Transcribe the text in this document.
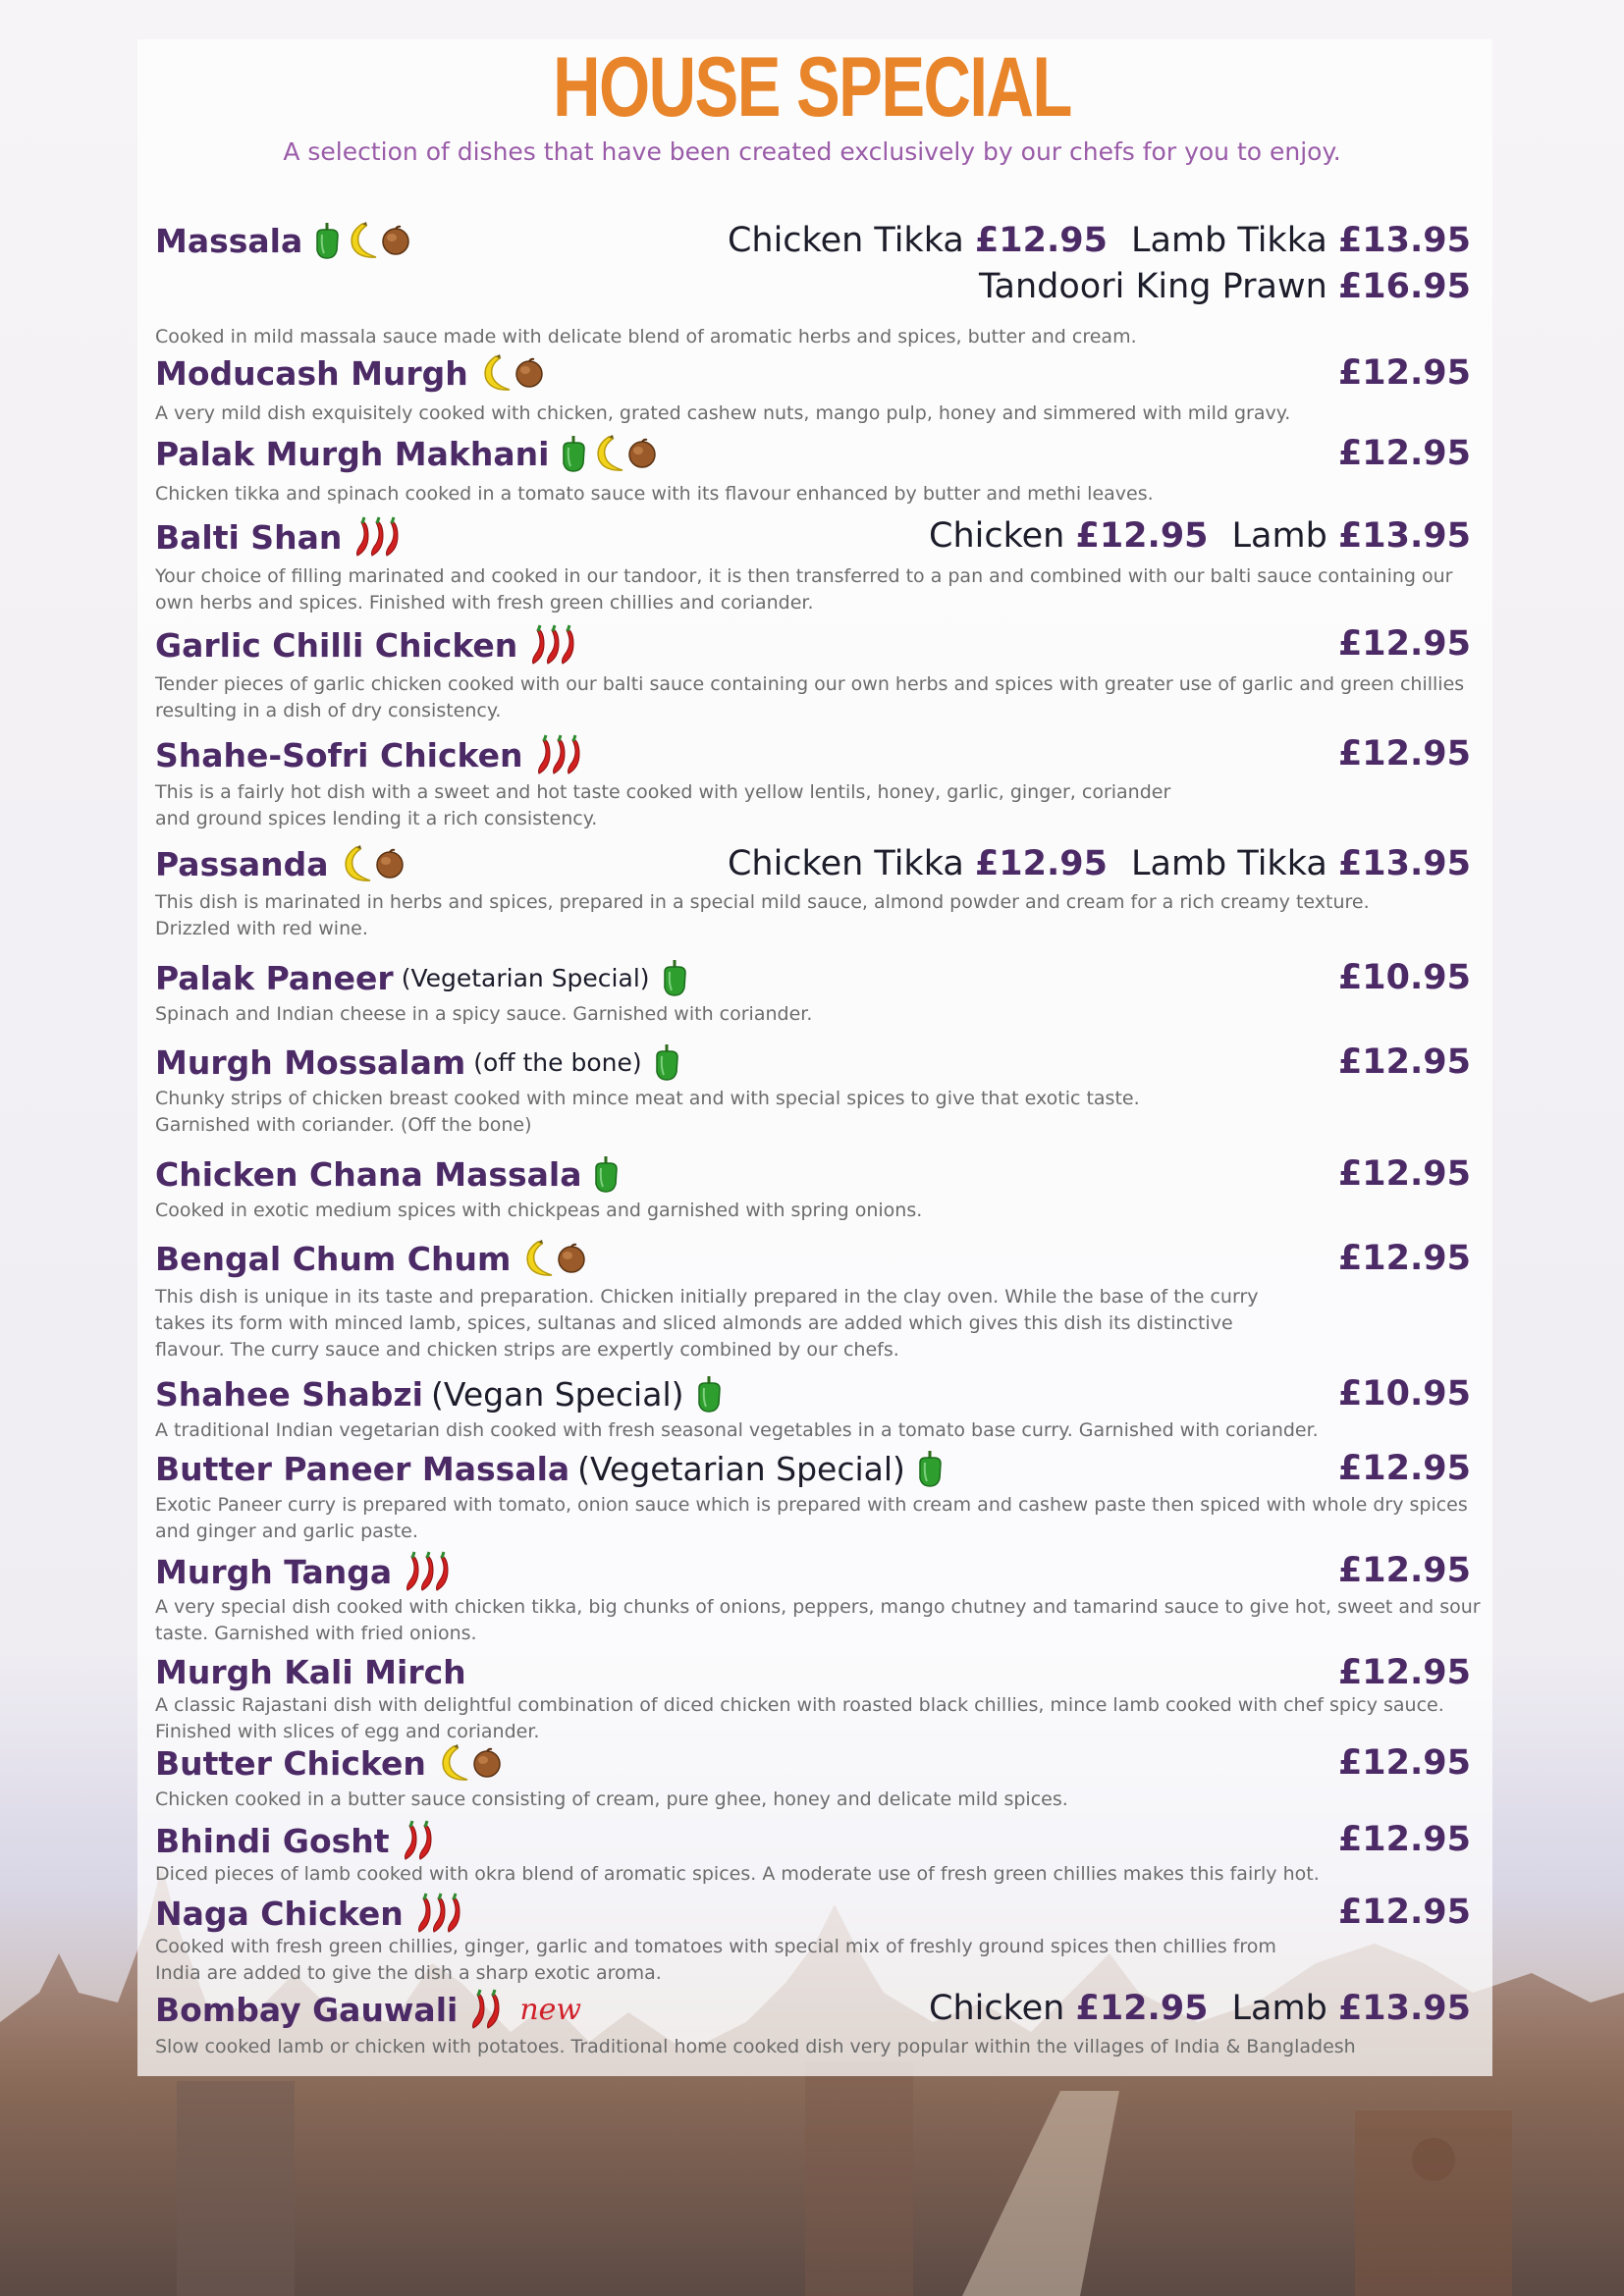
HOUSE SPECIAL
A selection of dishes that have been created exclusively by our chefs for you to enjoy.
Massala	Chicken Tikka £12.95 Lamb Tikka £13.95
Tandoori King Prawn £16.95
Cooked in mild massala sauce made with delicate blend of aromatic herbs and spices, butter and cream.
Moducash Murgh	£12.95
A very mild dish exquisitely cooked with chicken, grated cashew nuts, mango pulp, honey and simmered with mild gravy.
Palak Murgh Makhani	£12.95
Chicken tikka and spinach cooked in a tomato sauce with its flavour enhanced by butter and methi leaves.
Balti Shan	Chicken £12.95 Lamb £13.95
Your choice of filling marinated and cooked in our tandoor, it is then transferred to a pan and combined with our balti sauce containing our own herbs and spices. Finished with fresh green chillies and coriander.
Garlic Chilli Chicken	£12.95
Tender pieces of garlic chicken cooked with our balti sauce containing our own herbs and spices with greater use of garlic and green chillies resulting in a dish of dry consistency.
Shahe-Sofri Chicken	£12.95
This is a fairly hot dish with a sweet and hot taste cooked with yellow lentils, honey, garlic, ginger, coriander and ground spices lending it a rich consistency.
Passanda	Chicken Tikka £12.95 Lamb Tikka £13.95
This dish is marinated in herbs and spices, prepared in a special mild sauce, almond powder and cream for a rich creamy texture. Drizzled with red wine.
Palak Paneer (Vegetarian Special)	£10.95
Spinach and Indian cheese in a spicy sauce. Garnished with coriander.
Murgh Mossalam (off the bone)	£12.95
Chunky strips of chicken breast cooked with mince meat and with special spices to give that exotic taste. Garnished with coriander. (Off the bone)
Chicken Chana Massala	£12.95
Cooked in exotic medium spices with chickpeas and garnished with spring onions.
Bengal Chum Chum	£12.95
This dish is unique in its taste and preparation. Chicken initially prepared in the clay oven. While the base of the curry takes its form with minced lamb, spices, sultanas and sliced almonds are added which gives this dish its distinctive flavour. The curry sauce and chicken strips are expertly combined by our chefs.
Shahee Shabzi (Vegan Special)	£10.95
A traditional Indian vegetarian dish cooked with fresh seasonal vegetables in a tomato base curry. Garnished with coriander.
Butter Paneer Massala (Vegetarian Special)	£12.95
Exotic Paneer curry is prepared with tomato, onion sauce which is prepared with cream and cashew paste then spiced with whole dry spices and ginger and garlic paste.
Murgh Tanga	£12.95
A very special dish cooked with chicken tikka, big chunks of onions, peppers, mango chutney and tamarind sauce to give hot, sweet and sour taste. Garnished with fried onions.
Murgh Kali Mirch	£12.95
A classic Rajastani dish with delightful combination of diced chicken with roasted black chillies, mince lamb cooked with chef spicy sauce. Finished with slices of egg and coriander.
Butter Chicken	£12.95
Chicken cooked in a butter sauce consisting of cream, pure ghee, honey and delicate mild spices.
Bhindi Gosht	£12.95
Diced pieces of lamb cooked with okra blend of aromatic spices. A moderate use of fresh green chillies makes this fairly hot.
Naga Chicken	£12.95
Cooked with fresh green chillies, ginger, garlic and tomatoes with special mix of freshly ground spices then chillies from India are added to give the dish a sharp exotic aroma.
Bombay Gauwali new	Chicken £12.95 Lamb £13.95
Slow cooked lamb or chicken with potatoes. Traditional home cooked dish very popular within the villages of India & Bangladesh
